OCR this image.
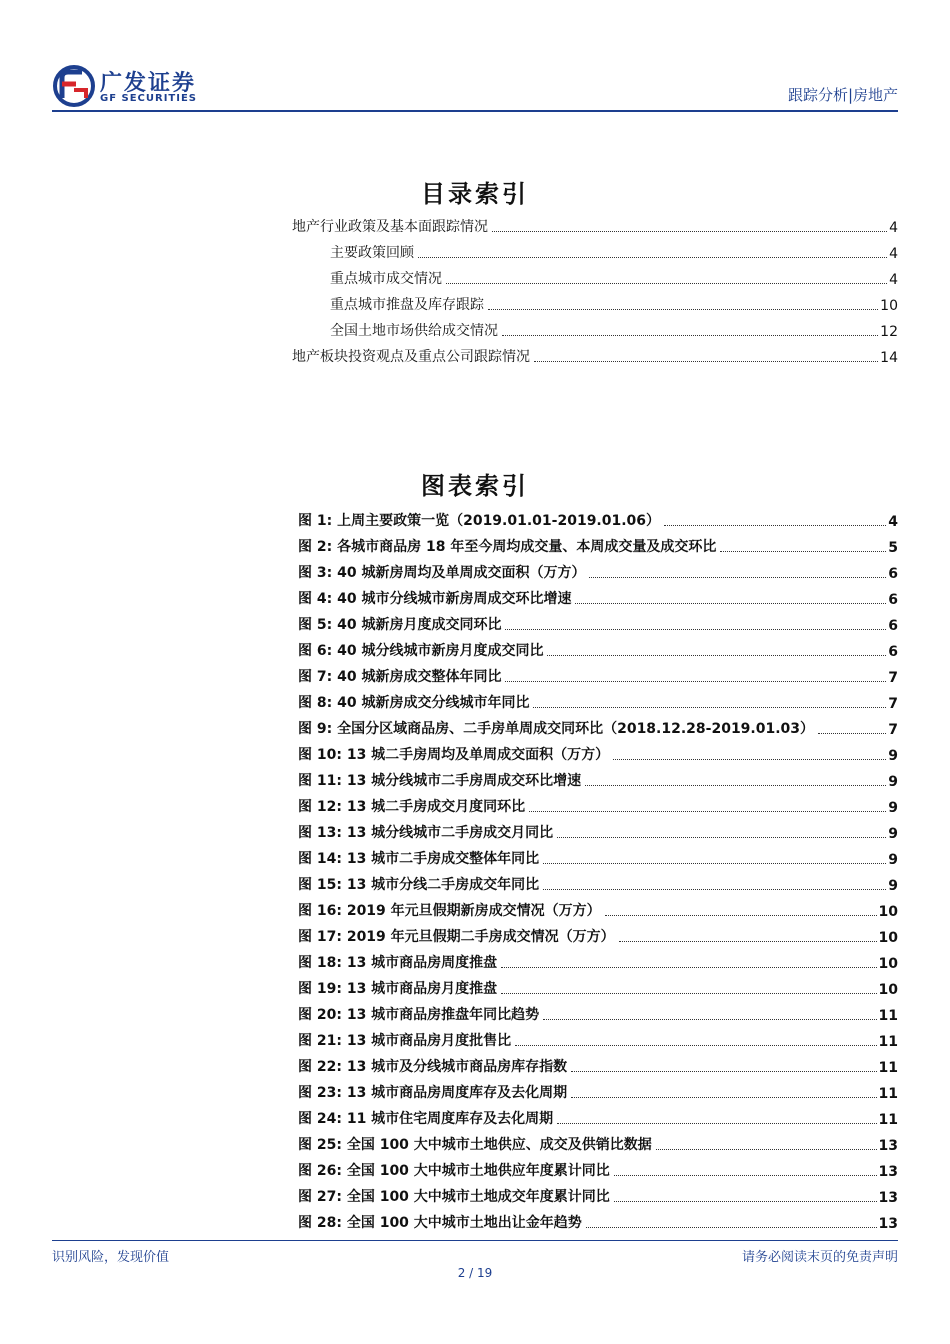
广发证券
GF SECURITIES	跟踪分析|房地产
目录索引
地产行业政策及基本面跟踪情况	4
主要政策回顾	4
重点城市成交情况	4
重点城市推盘及库存跟踪	10
全国土地市场供给成交情况	12
地产板块投资观点及重点公司跟踪情况	14
图表索引
图 1: 上周主要政策一览（2019.01.01-2019.01.06）	4
图 2: 各城市商品房 18 年至今周均成交量、本周成交量及成交环比	5
图 3: 40 城新房周均及单周成交面积（万方）	6
图 4: 40 城市分线城市新房周成交环比增速	6
图 5: 40 城新房月度成交同环比	6
图 6: 40 城分线城市新房月度成交同比	6
图 7: 40 城新房成交整体年同比	7
图 8: 40 城新房成交分线城市年同比	7
图 9: 全国分区域商品房、二手房单周成交同环比（2018.12.28-2019.01.03）	7
图 10: 13 城二手房周均及单周成交面积（万方）	9
图 11: 13 城分线城市二手房周成交环比增速	9
图 12: 13 城二手房成交月度同环比	9
图 13: 13 城分线城市二手房成交月同比	9
图 14: 13 城市二手房成交整体年同比	9
图 15: 13 城市分线二手房成交年同比	9
图 16: 2019 年元旦假期新房成交情况（万方）	10
图 17: 2019 年元旦假期二手房成交情况（万方）	10
图 18: 13 城市商品房周度推盘	10
图 19: 13 城市商品房月度推盘	10
图 20: 13 城市商品房推盘年同比趋势	11
图 21: 13 城市商品房月度批售比	11
图 22: 13 城市及分线城市商品房库存指数	11
图 23: 13 城市商品房周度库存及去化周期	11
图 24: 11 城市住宅周度库存及去化周期	11
图 25: 全国 100 大中城市土地供应、成交及供销比数据	13
图 26: 全国 100 大中城市土地供应年度累计同比	13
图 27: 全国 100 大中城市土地成交年度累计同比	13
图 28: 全国 100 大中城市土地出让金年趋势	13
识别风险，发现价值	请务必阅读末页的免责声明
2 / 19
